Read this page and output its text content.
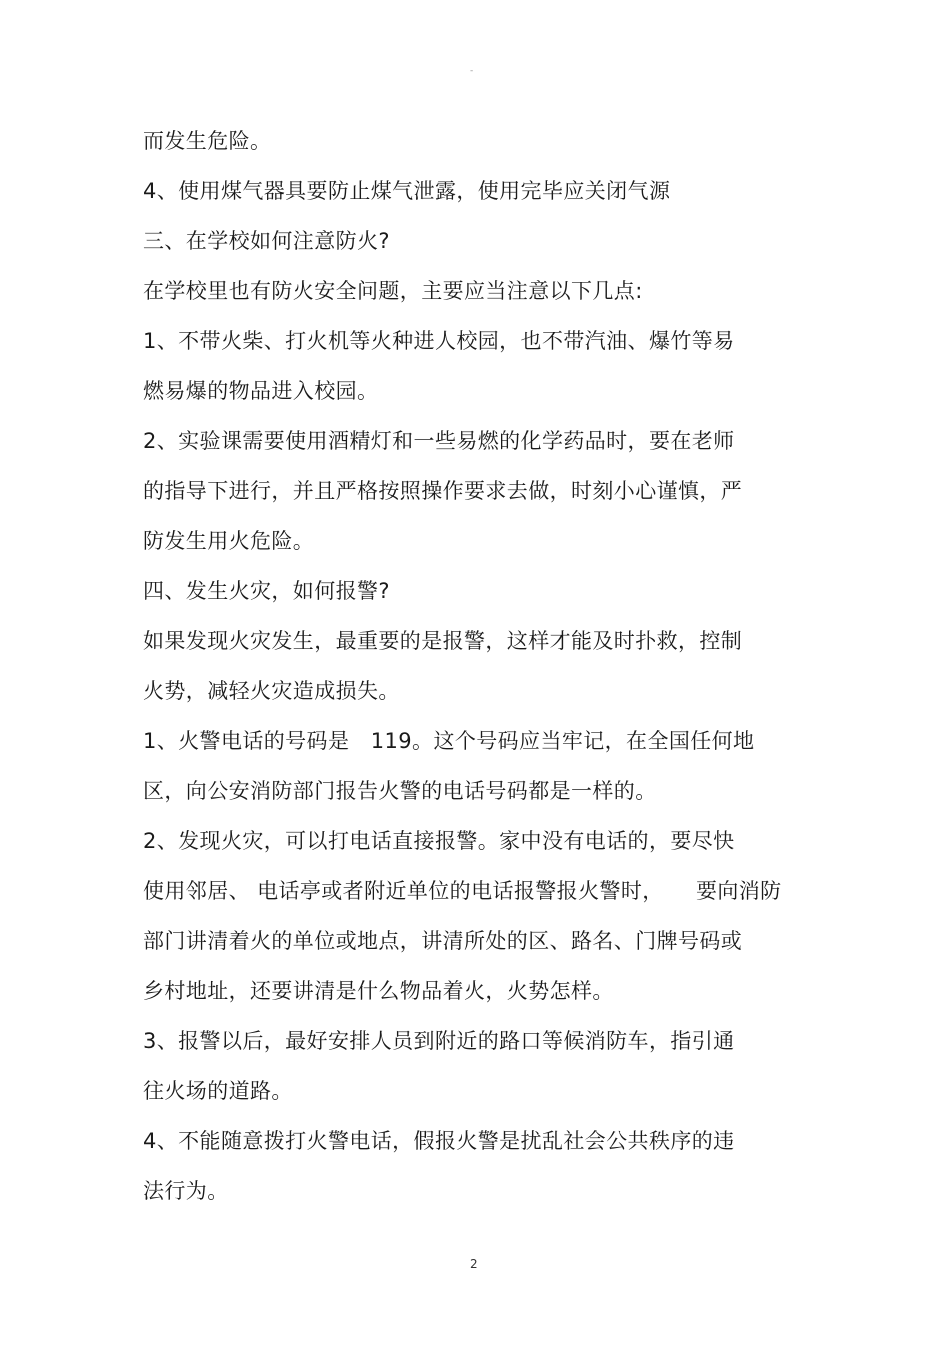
-
而发生危险。
4、使用煤气器具要防止煤气泄露，使用完毕应关闭气源
三、在学校如何注意防火?
在学校里也有防火安全问题，主要应当注意以下几点:
1、不带火柴、打火机等火种进人校园，也不带汽油、爆竹等易
燃易爆的物品进入校园。
2、实验课需要使用酒精灯和一些易燃的化学药品时，要在老师
的指导下进行，并且严格按照操作要求去做，时刻小心谨慎，严
防发生用火危险。
四、发生火灾，如何报警?
如果发现火灾发生，最重要的是报警，这样才能及时扑救，控制
火势，减轻火灾造成损失。
1、火警电话的号码是　119。这个号码应当牢记，在全国任何地
区，向公安消防部门报告火警的电话号码都是一样的。
2、发现火灾，可以打电话直接报警。家中没有电话的，要尽快
使用邻居、 电话亭或者附近单位的电话报警报火警时，　　要向消防
部门讲清着火的单位或地点，讲清所处的区、路名、门牌号码或
乡村地址，还要讲清是什么物品着火，火势怎样。
3、报警以后，最好安排人员到附近的路口等候消防车，指引通
往火场的道路。
4、不能随意拨打火警电话，假报火警是扰乱社会公共秩序的违
法行为。
2
